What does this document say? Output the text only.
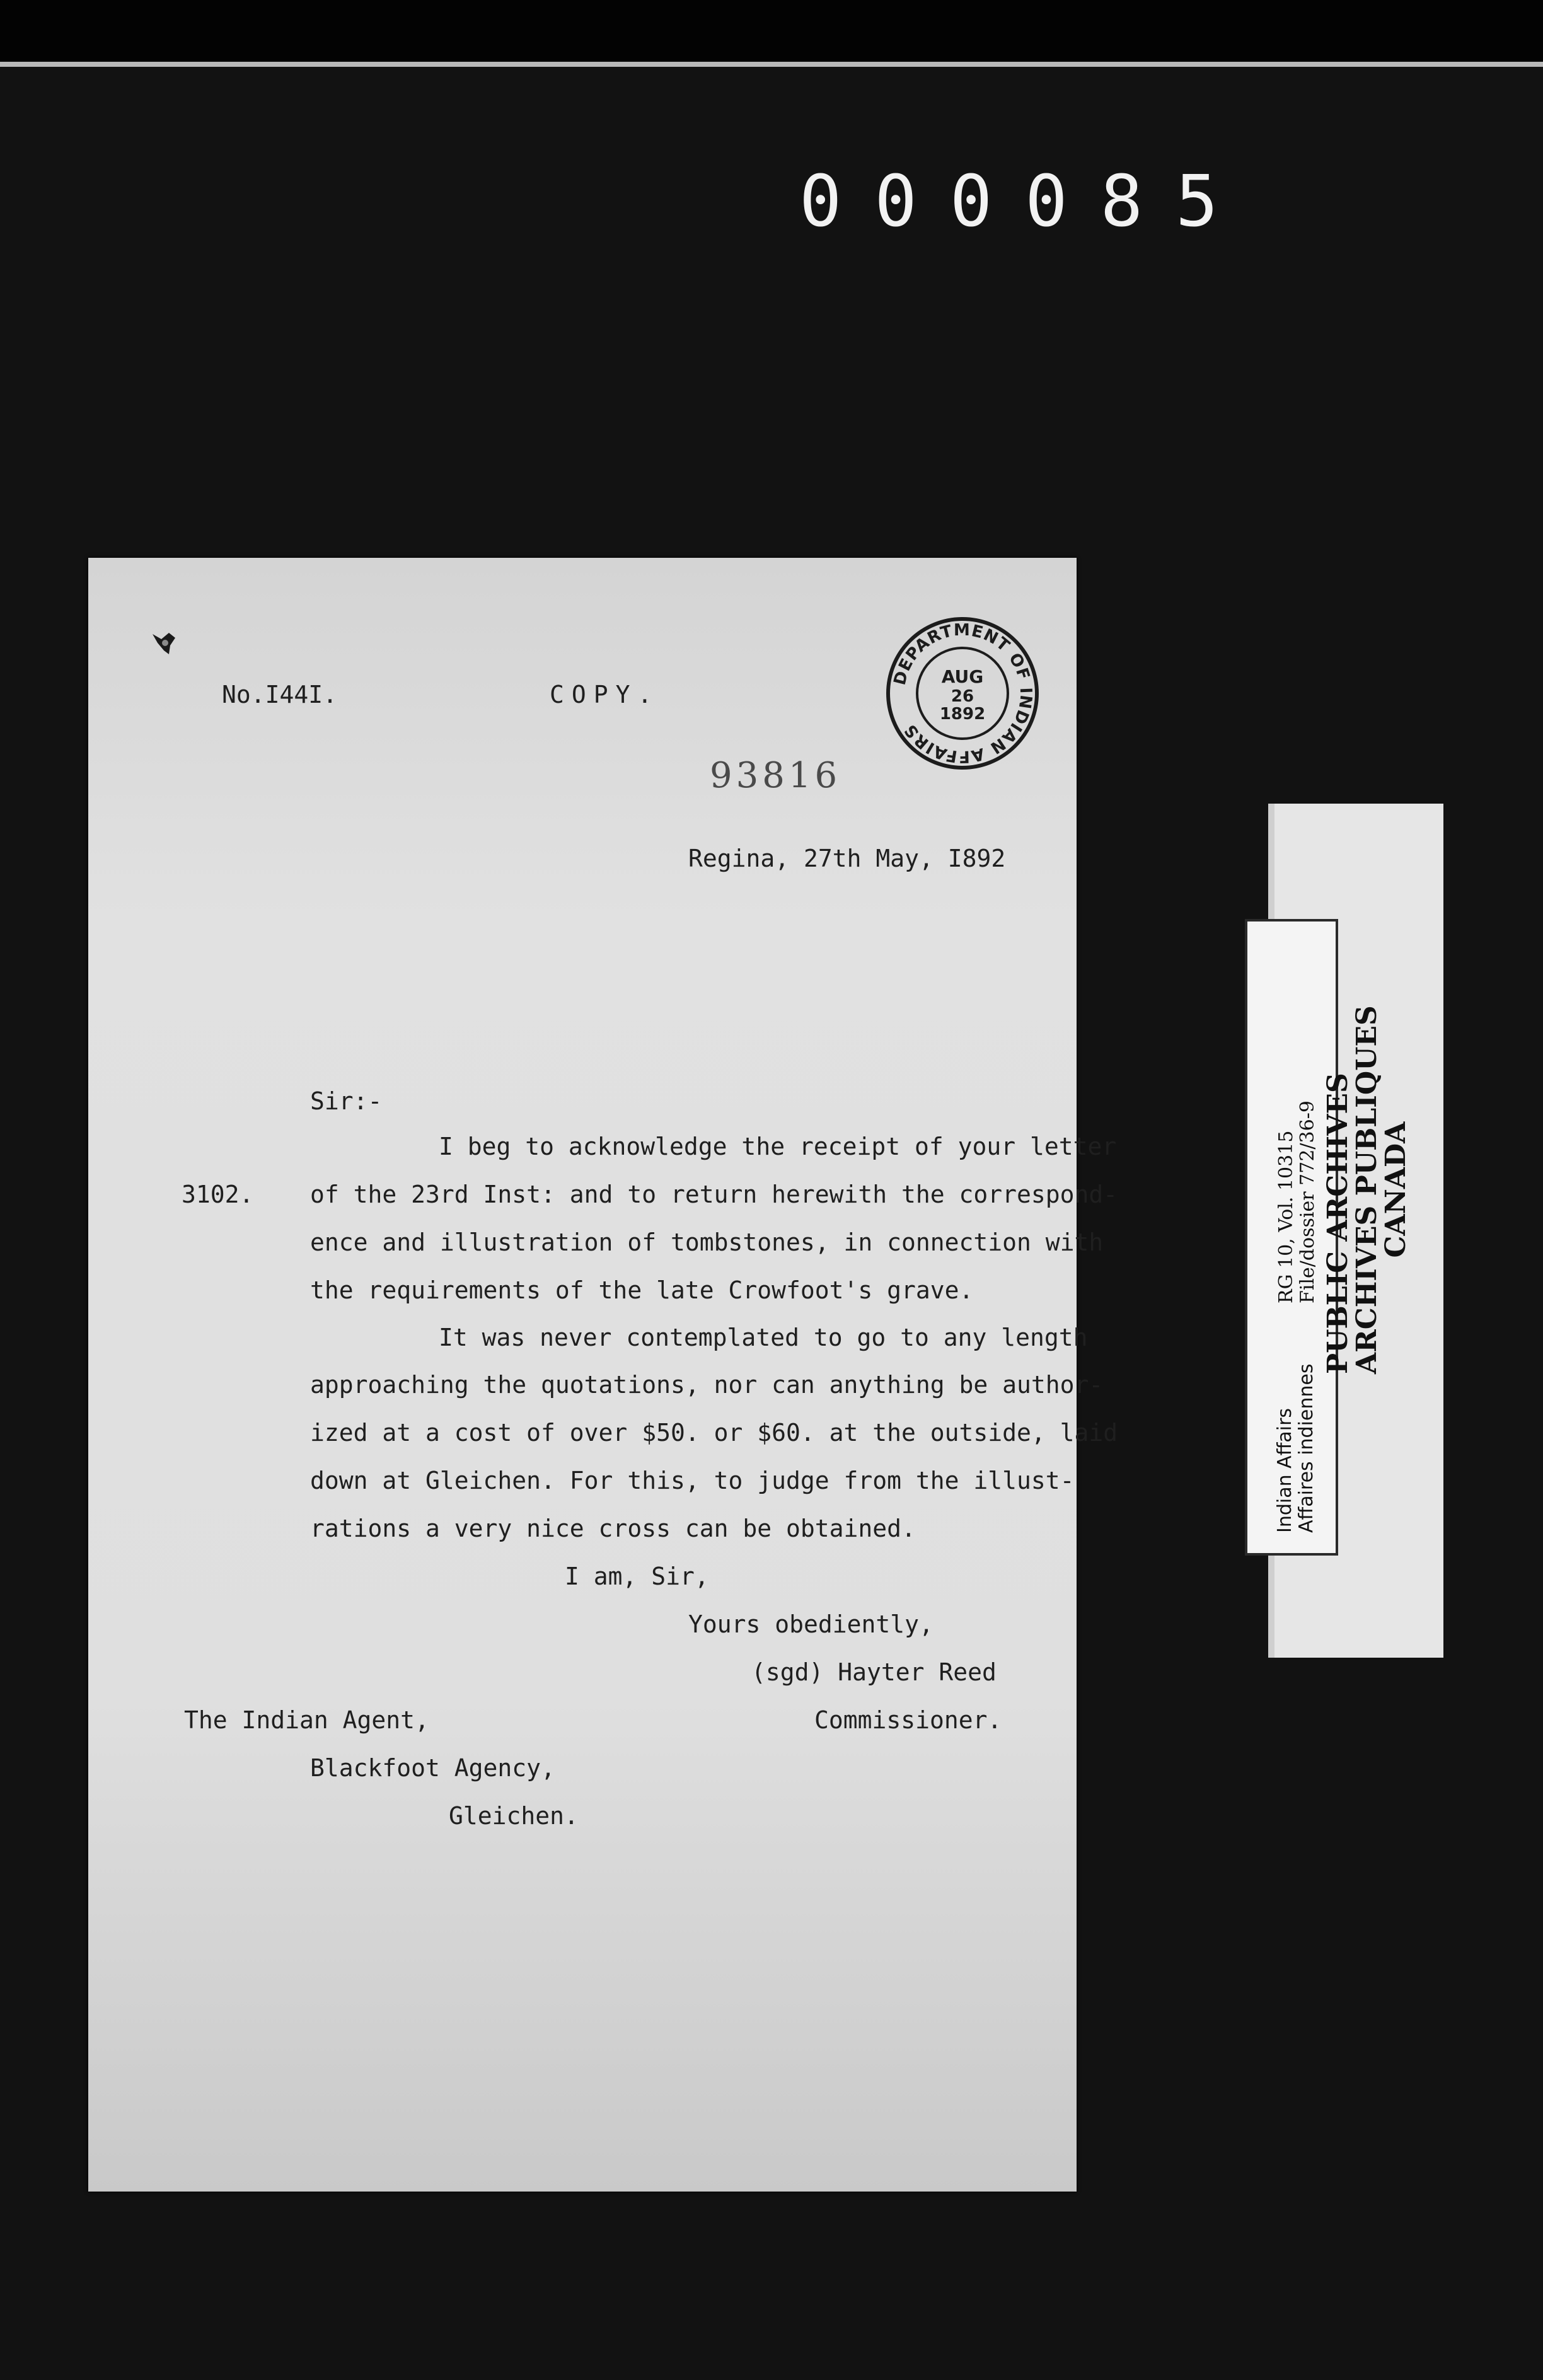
000085
No.I44I.	COPY.
DEPARTMENT OF INDIAN AFFAIRS
AUG
26
1892
93816
Regina, 27th May, I892
Sir:-
3102.
I beg to acknowledge the receipt of your letter
of the 23rd Inst: and to return herewith the correspond-
ence and illustration of tombstones, in connection with
the requirements of the late Crowfoot's grave.
It was never contemplated to go to any length
approaching the quotations, nor can anything be author-
ized at a cost of over $50. or $60. at the outside, laid
down at Gleichen. For this, to judge from the illust-
rations a very nice cross can be obtained.
I am, Sir,
Yours obediently,
(sgd) Hayter Reed
Commissioner.
The Indian Agent,
Blackfoot Agency,
Gleichen.
PUBLIC ARCHIVES
ARCHIVES PUBLIQUES
CANADA
RG 10, Vol. 10315 File/dossier 772/36-9
Indian Affairs Affaires indiennes
